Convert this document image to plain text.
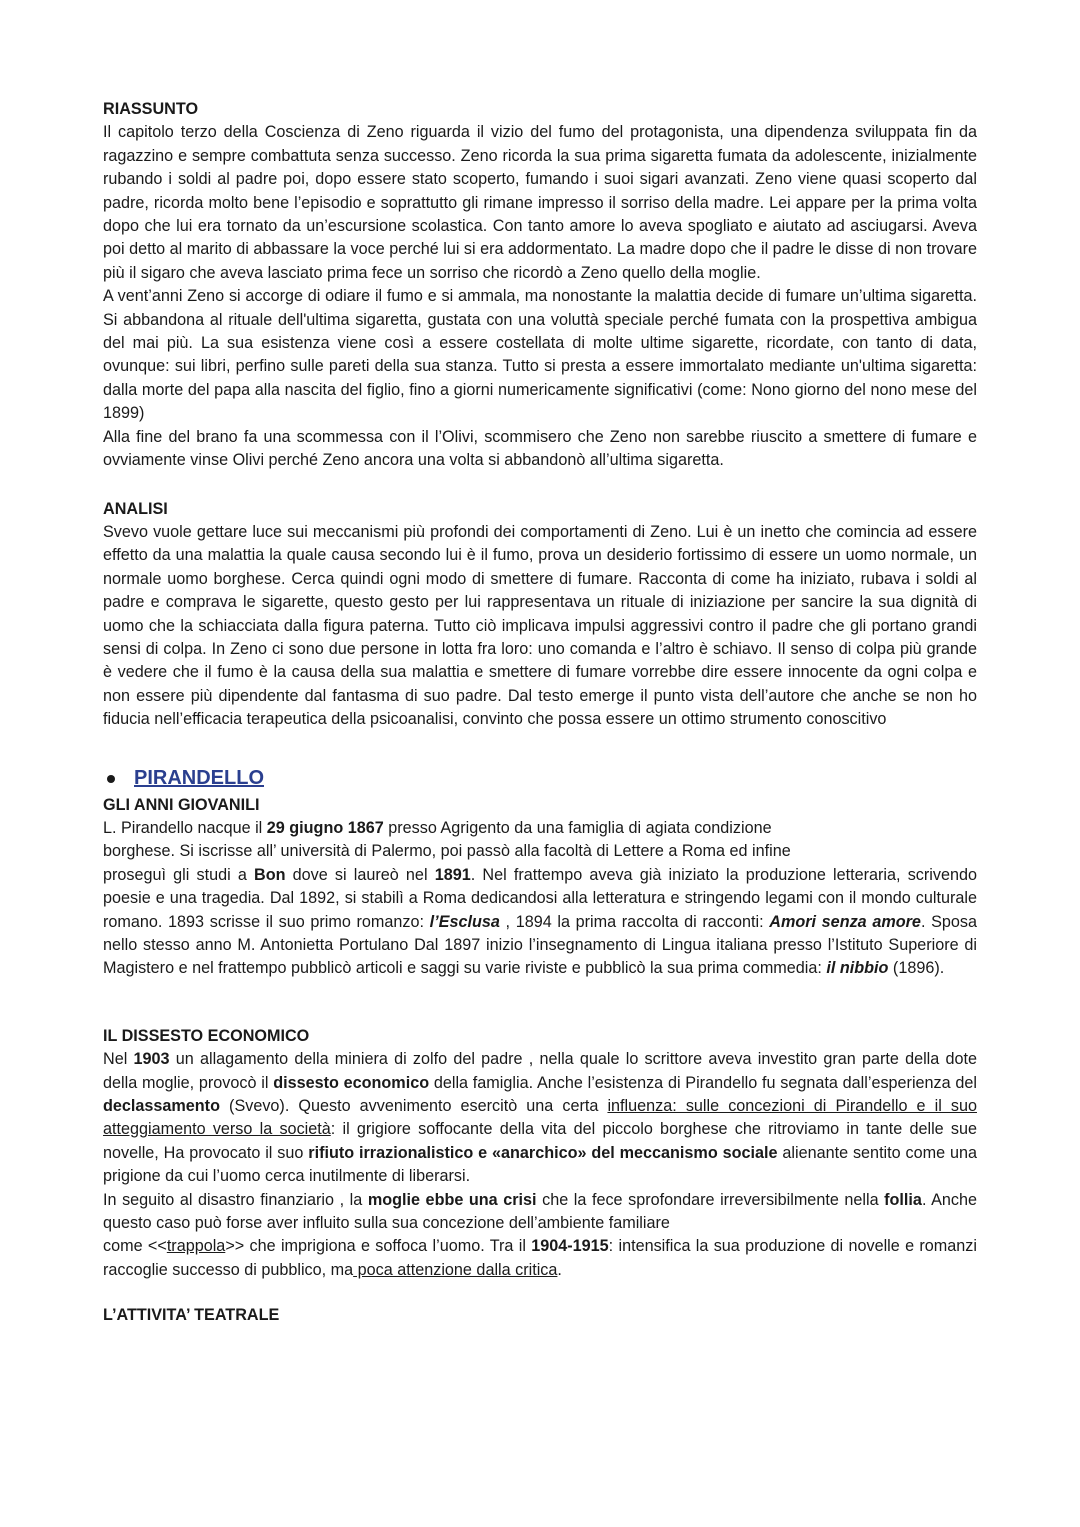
RIASSUNTO

Il capitolo terzo della Coscienza di Zeno riguarda il vizio del fumo del protagonista, una dipendenza sviluppata fin da ragazzino e sempre combattuta senza successo. Zeno ricorda la sua prima sigaretta fumata da adolescente, inizialmente rubando i soldi al padre poi, dopo essere stato scoperto, fumando i suoi sigari avanzati. Zeno viene quasi scoperto dal padre, ricorda molto bene l’episodio e soprattutto gli rimane impresso il sorriso della madre. Lei appare per la prima volta dopo che lui era tornato da un’escursione scolastica. Con tanto amore lo aveva spogliato e aiutato ad asciugarsi. Aveva poi detto al marito di abbassare la voce perché lui si era addormentato. La madre dopo che il padre le disse di non trovare più il sigaro che aveva lasciato prima fece un sorriso che ricordò a Zeno quello della moglie.

A vent’anni Zeno si accorge di odiare il fumo e si ammala, ma nonostante la malattia decide di fumare un’ultima sigaretta. Si abbandona al rituale dell'ultima sigaretta, gustata con una voluttà speciale perché fumata con la prospettiva ambigua del mai più. La sua esistenza viene così a essere costellata di molte ultime sigarette, ricordate, con tanto di data, ovunque: sui libri, perfino sulle pareti della sua stanza. Tutto si presta a essere immortalato mediante un'ultima sigaretta: dalla morte del papa alla nascita del figlio, fino a giorni numericamente significativi (come: Nono giorno del nono mese del 1899)

Alla fine del brano fa una scommessa con il l’Olivi, scommisero che Zeno non sarebbe riuscito a smettere di fumare e ovviamente vinse Olivi perché Zeno ancora una volta si abbandonò all’ultima sigaretta.

ANALISI

Svevo vuole gettare luce sui meccanismi più profondi dei comportamenti di Zeno. Lui è un inetto che comincia ad essere effetto da una malattia la quale causa secondo lui è il fumo, prova un desiderio fortissimo di essere un uomo normale, un normale uomo borghese. Cerca quindi ogni modo di smettere di fumare. Racconta di come ha iniziato, rubava i soldi al padre e comprava le sigarette, questo gesto per lui rappresentava un rituale di iniziazione per sancire la sua dignità di uomo che la schiacciata dalla figura paterna. Tutto ciò implicava impulsi aggressivi contro il padre che gli portano grandi sensi di colpa. In Zeno ci sono due persone in lotta fra loro: uno comanda e l’altro è schiavo. Il senso di colpa più grande è vedere che il fumo è la causa della sua malattia e smettere di fumare vorrebbe dire essere innocente da ogni colpa e non essere più dipendente dal fantasma di suo padre. Dal testo emerge il punto vista dell’autore che anche se non ho fiducia nell’efficacia terapeutica della psicoanalisi, convinto che possa essere un ottimo strumento conoscitivo

PIRANDELLO

GLI ANNI GIOVANILI

L. Pirandello nacque il 29 giugno 1867 presso Agrigento da una famiglia di agiata condizione
borghese. Si iscrisse all’ università di Palermo, poi passò alla facoltà di Lettere a Roma ed infine
proseguì gli studi a Bon dove si laureò nel 1891. Nel frattempo aveva già iniziato la produzione letteraria, scrivendo poesie e una tragedia. Dal 1892, si stabilì a Roma dedicandosi alla letteratura e stringendo legami con il mondo culturale romano. 1893 scrisse il suo primo romanzo: l’Esclusa , 1894 la prima raccolta di racconti: Amori senza amore. Sposa nello stesso anno M. Antonietta Portulano Dal 1897 inizio l’insegnamento di Lingua italiana presso l’Istituto Superiore di Magistero e nel frattempo pubblicò articoli e saggi su varie riviste e pubblicò la sua prima commedia: il nibbio (1896).

IL DISSESTO ECONOMICO

Nel 1903 un allagamento della miniera di zolfo del padre , nella quale lo scrittore aveva investito gran parte della dote della moglie, provocò il dissesto economico della famiglia. Anche l’esistenza di Pirandello fu segnata dall’esperienza del declassamento (Svevo). Questo avvenimento esercitò una certa influenza: sulle concezioni di Pirandello e il suo atteggiamento verso la società: il grigiore soffocante della vita del piccolo borghese che ritroviamo in tante delle sue novelle, Ha provocato il suo rifiuto irrazionalistico e «anarchico» del meccanismo sociale alienante sentito come una prigione da cui l’uomo cerca inutilmente di liberarsi.

In seguito al disastro finanziario , la moglie ebbe una crisi che la fece sprofondare irreversibilmente nella follia. Anche questo caso può forse aver influito sulla sua concezione dell’ambiente familiare

come <<trappola>> che imprigiona e soffoca l’uomo. Tra il 1904-1915: intensifica la sua produzione di novelle e romanzi raccoglie successo di pubblico, ma poca attenzione dalla critica.

L’ATTIVITA’ TEATRALE
